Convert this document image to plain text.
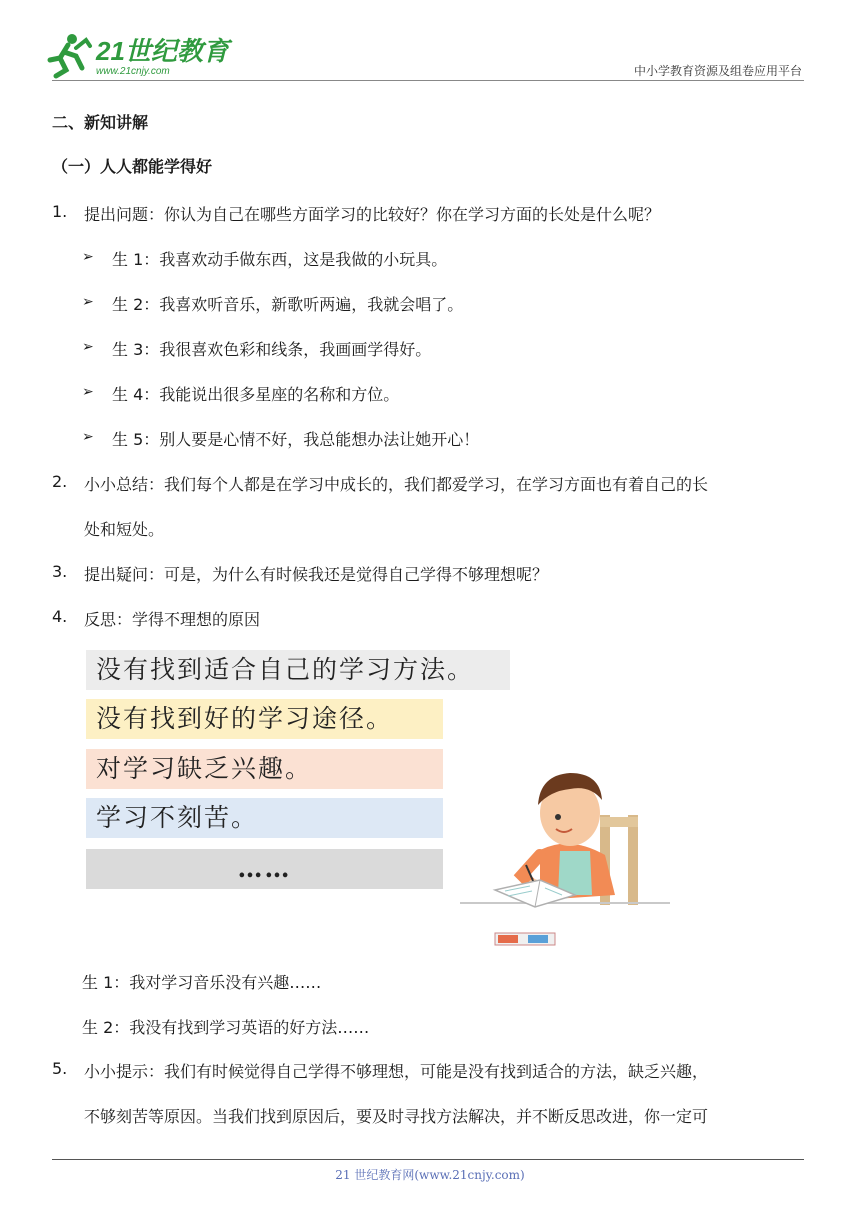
21世纪教育
www.21cnjy.com	中小学教育资源及组卷应用平台
二、新知讲解
（一）人人都能学得好
1. 提出问题：你认为自己在哪些方面学习的比较好？你在学习方面的长处是什么呢？
➢ 生 1：我喜欢动手做东西，这是我做的小玩具。
➢ 生 2：我喜欢听音乐，新歌听两遍，我就会唱了。
➢ 生 3：我很喜欢色彩和线条，我画画学得好。
➢ 生 4：我能说出很多星座的名称和方位。
➢ 生 5：别人要是心情不好，我总能想办法让她开心！
2. 小小总结：我们每个人都是在学习中成长的，我们都爱学习，在学习方面也有着自己的长
处和短处。
3. 提出疑问：可是，为什么有时候我还是觉得自己学得不够理想呢？
4. 反思：学得不理想的原因
没有找到适合自己的学习方法。
没有找到好的学习途径。
对学习缺乏兴趣。
学习不刻苦。
……
生 1：我对学习音乐没有兴趣……
生 2：我没有找到学习英语的好方法……
5. 小小提示：我们有时候觉得自己学得不够理想，可能是没有找到适合的方法，缺乏兴趣，
不够刻苦等原因。当我们找到原因后，要及时寻找方法解决，并不断反思改进，你一定可
21 世纪教育网(www.21cnjy.com)
